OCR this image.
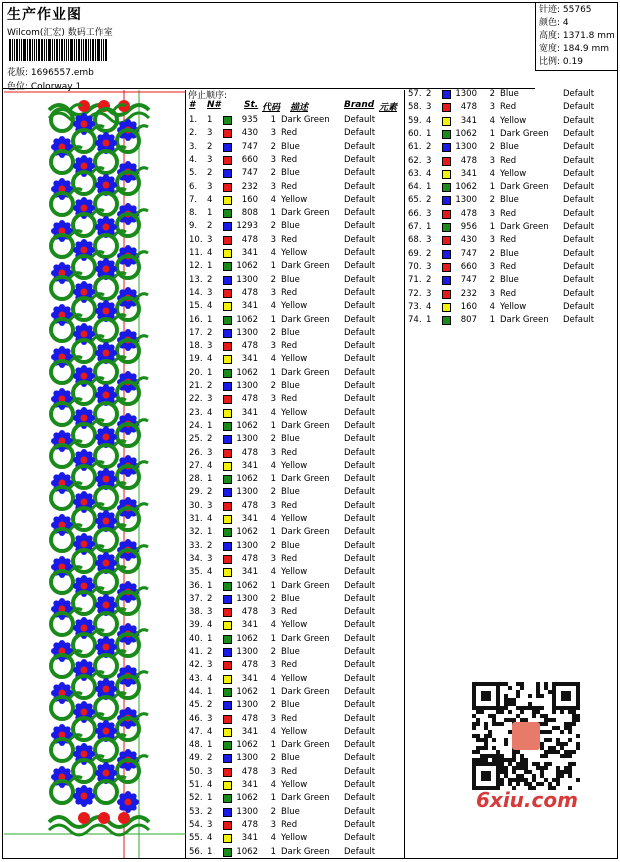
生产作业图
Wilcom(汇宏) 数码工作室
花版: 1696557.emb
色位: Colorway 1
针迹: 55765
颜色: 4
高度: 1371.8 mm
宽度: 184.9 mm
比例: 0.19
停止顺序:
# N#	St. 代码 描述	Brand 元素
1. 1	935 1 Dark Green Default
2. 3	430 3 Red	Default
3. 2	747 2 Blue	Default
4. 3	660 3 Red	Default
5. 2	747 2 Blue	Default
6. 3	232 3 Red	Default
7. 4	160 4 Yellow	Default
8. 1	808 1 Dark Green Default
9. 2	1293 2 Blue	Default
10. 3	478 3 Red	Default
11. 4	341 4 Yellow	Default
12. 1	1062 1 Dark Green Default
13. 2	1300 2 Blue	Default
14. 3	478 3 Red	Default
15. 4	341 4 Yellow	Default
16. 1	1062 1 Dark Green Default
17. 2	1300 2 Blue	Default
18. 3	478 3 Red	Default
19. 4	341 4 Yellow	Default
20. 1	1062 1 Dark Green Default
21. 2	1300 2 Blue	Default
22. 3	478 3 Red	Default
23. 4	341 4 Yellow	Default
24. 1	1062 1 Dark Green Default
25. 2	1300 2 Blue	Default
26. 3	478 3 Red	Default
27. 4	341 4 Yellow	Default
28. 1	1062 1 Dark Green Default
29. 2	1300 2 Blue	Default
30. 3	478 3 Red	Default
31. 4	341 4 Yellow	Default
32. 1	1062 1 Dark Green Default
33. 2	1300 2 Blue	Default
34. 3	478 3 Red	Default
35. 4	341 4 Yellow	Default
36. 1	1062 1 Dark Green Default
37. 2	1300 2 Blue	Default
38. 3	478 3 Red	Default
39. 4	341 4 Yellow	Default
40. 1	1062 1 Dark Green Default
41. 2	1300 2 Blue	Default
42. 3	478 3 Red	Default
43. 4	341 4 Yellow	Default
44. 1	1062 1 Dark Green Default
45. 2	1300 2 Blue	Default
46. 3	478 3 Red	Default
47. 4	341 4 Yellow	Default
48. 1	1062 1 Dark Green Default
49. 2	1300 2 Blue	Default
50. 3	478 3 Red	Default
51. 4	341 4 Yellow	Default
52. 1	1062 1 Dark Green Default
53. 2	1300 2 Blue	Default
54. 3	478 3 Red	Default
55. 4	341 4 Yellow	Default
56. 1	1062 1 Dark Green Default
57. 2	1300 2 Blue	Default
58. 3	478 3 Red	Default
59. 4	341 4 Yellow	Default
60. 1	1062 1 Dark Green Default
61. 2	1300 2 Blue	Default
62. 3	478 3 Red	Default
63. 4	341 4 Yellow	Default
64. 1	1062 1 Dark Green Default
65. 2	1300 2 Blue	Default
66. 3	478 3 Red	Default
67. 1	956 1 Dark Green Default
68. 3	430 3 Red	Default
69. 2	747 2 Blue	Default
70. 3	660 3 Red	Default
71. 2	747 2 Blue	Default
72. 3	232 3 Red	Default
73. 4	160 4 Yellow	Default
74. 1	807 1 Dark Green Default
6xiu.com
